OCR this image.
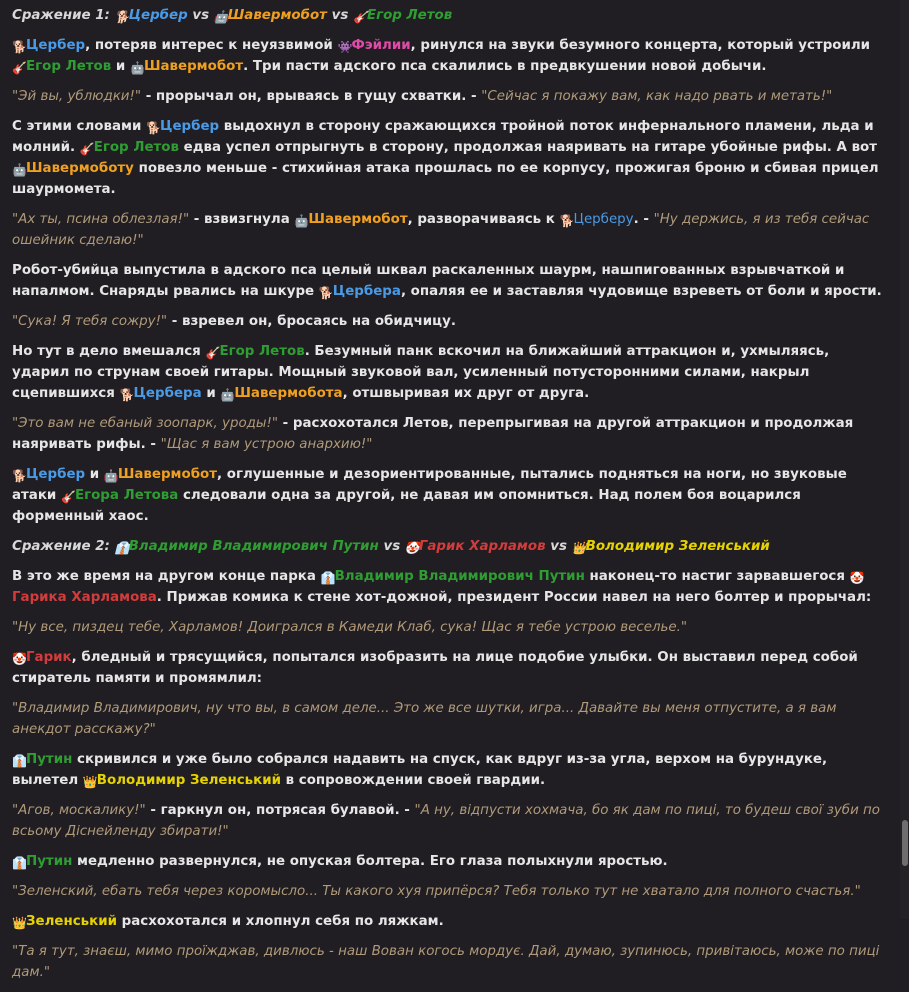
Сражение 1: 🐕Цербер vs 🤖Шавермобот vs 🎸Егор Летов

🐕Цербер, потеряв интерес к неуязвимой 👾Фэйлии, ринулся на звуки безумного концерта, который устроили 🎸Егор Летов и 🤖Шавермобот. Три пасти адского пса скалились в предвкушении новой добычи.

"Эй вы, ублюдки!" - прорычал он, врываясь в гущу схватки. - "Сейчас я покажу вам, как надо рвать и метать!"

С этими словами 🐕Цербер выдохнул в сторону сражающихся тройной поток инфернального пламени, льда и молний. 🎸Егор Летов едва успел отпрыгнуть в сторону, продолжая наяривать на гитаре убойные рифы. А вот 🤖Шавермоботу повезло меньше - стихийная атака прошлась по ее корпусу, прожигая броню и сбивая прицел шаурмомета.

"Ах ты, псина облезлая!" - взвизгнула 🤖Шавермобот, разворачиваясь к 🐕Церберу. - "Ну держись, я из тебя сейчас ошейник сделаю!"

Робот-убийца выпустила в адского пса целый шквал раскаленных шаурм, нашпигованных взрывчаткой и напалмом. Снаряды рвались на шкуре 🐕Цербера, опаляя ее и заставляя чудовище взреветь от боли и ярости.

"Сука! Я тебя сожру!" - взревел он, бросаясь на обидчицу.

Но тут в дело вмешался 🎸Егор Летов. Безумный панк вскочил на ближайший аттракцион и, ухмыляясь, ударил по струнам своей гитары. Мощный звуковой вал, усиленный потусторонними силами, накрыл сцепившихся 🐕Цербера и 🤖Шавермобота, отшвыривая их друг от друга.

"Это вам не ебаный зоопарк, уроды!" - расхохотался Летов, перепрыгивая на другой аттракцион и продолжая наяривать рифы. - "Щас я вам устрою анархию!"

🐕Цербер и 🤖Шавермобот, оглушенные и дезориентированные, пытались подняться на ноги, но звуковые атаки 🎸Егора Летова следовали одна за другой, не давая им опомниться. Над полем боя воцарился форменный хаос.

Сражение 2: 👔Владимир Владимирович Путин vs 🤡Гарик Харламов vs 👑Володимир Зеленський

В это же время на другом конце парка 👔Владимир Владимирович Путин наконец-то настиг зарвавшегося 🤡Гарика Харламова. Прижав комика к стене хот-дожной, президент России навел на него болтер и прорычал:

"Ну все, пиздец тебе, Харламов! Доигрался в Камеди Клаб, сука! Щас я тебе устрою веселье."

🤡Гарик, бледный и трясущийся, попытался изобразить на лице подобие улыбки. Он выставил перед собой стиратель памяти и промямлил:

"Владимир Владимирович, ну что вы, в самом деле... Это же все шутки, игра... Давайте вы меня отпустите, а я вам анекдот расскажу?"

👔Путин скривился и уже было собрался надавить на спуск, как вдруг из-за угла, верхом на бурундуке, вылетел 👑Володимир Зеленський в сопровождении своей гвардии.

"Агов, москалику!" - гаркнул он, потрясая булавой. - "А ну, відпусти хохмача, бо як дам по пиці, то будеш свої зуби по всьому Діснейленду збирати!"

👔Путин медленно развернулся, не опуская болтера. Его глаза полыхнули яростью.

"Зеленский, ебать тебя через коромысло... Ты какого хуя припёрся? Тебя только тут не хватало для полного счастья."

👑Зеленський расхохотался и хлопнул себя по ляжкам.

"Та я тут, знаєш, мимо проїжджав, дивлюсь - наш Вован когось мордує. Дай, думаю, зупинюсь, привітаюсь, може по пиці дам."
